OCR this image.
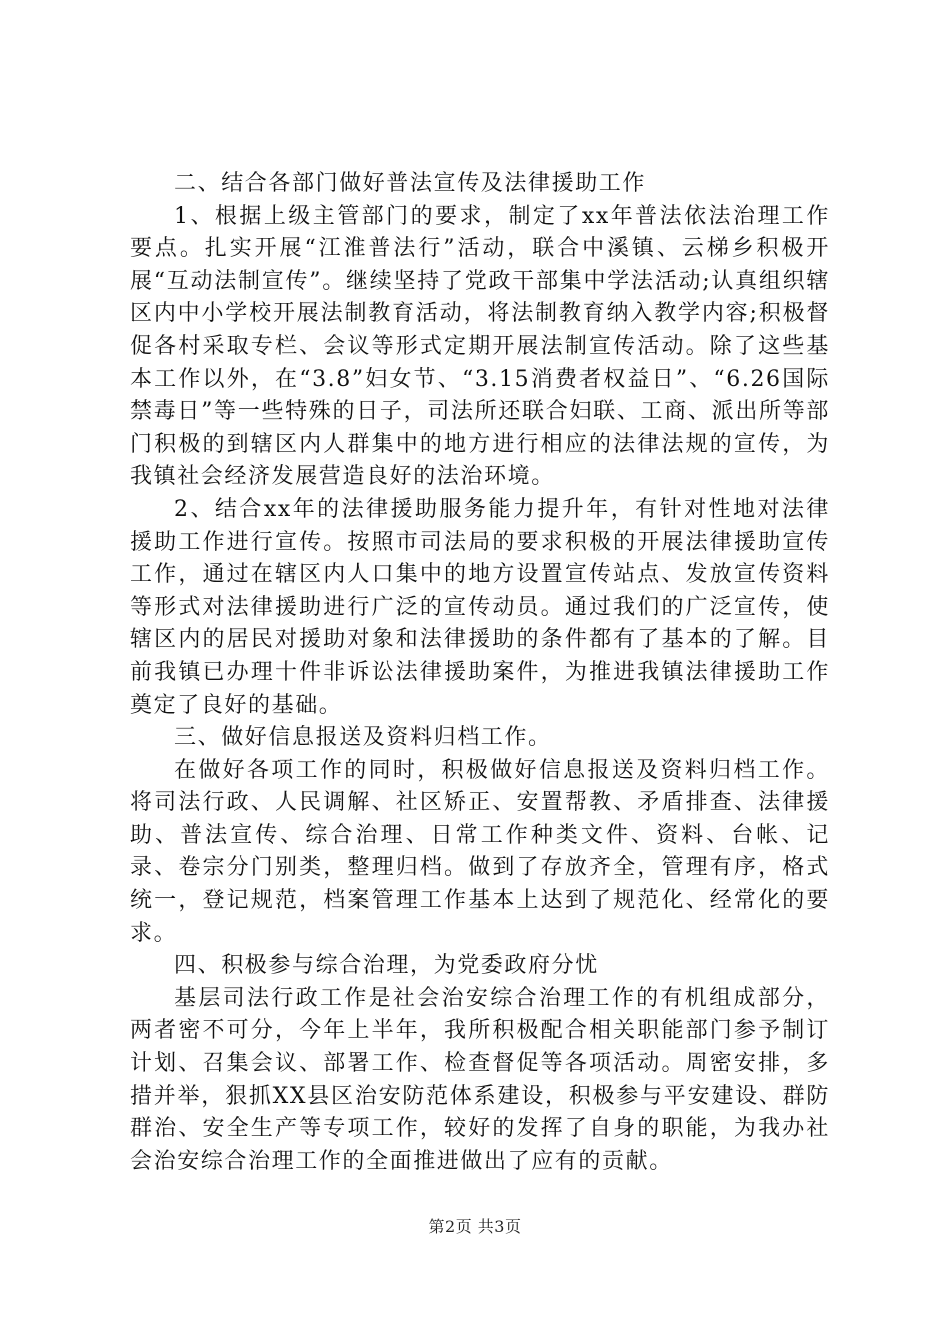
二、结合各部门做好普法宣传及法律援助工作

1、根据上级主管部门的要求，制定了xx年普法依法治理工作要点。扎实开展“江淮普法行”活动，联合中溪镇、云梯乡积极开展“互动法制宣传”。继续坚持了党政干部集中学法活动;认真组织辖区内中小学校开展法制教育活动，将法制教育纳入教学内容;积极督促各村采取专栏、会议等形式定期开展法制宣传活动。除了这些基本工作以外，在“3.8”妇女节、“3.15消费者权益日”、“6.26国际禁毒日”等一些特殊的日子，司法所还联合妇联、工商、派出所等部门积极的到辖区内人群集中的地方进行相应的法律法规的宣传，为我镇社会经济发展营造良好的法治环境。

2、结合xx年的法律援助服务能力提升年，有针对性地对法律援助工作进行宣传。按照市司法局的要求积极的开展法律援助宣传工作，通过在辖区内人口集中的地方设置宣传站点、发放宣传资料等形式对法律援助进行广泛的宣传动员。通过我们的广泛宣传，使辖区内的居民对援助对象和法律援助的条件都有了基本的了解。目前我镇已办理十件非诉讼法律援助案件，为推进我镇法律援助工作奠定了良好的基础。

三、做好信息报送及资料归档工作。

在做好各项工作的同时，积极做好信息报送及资料归档工作。将司法行政、人民调解、社区矫正、安置帮教、矛盾排查、法律援助、普法宣传、综合治理、日常工作种类文件、资料、台帐、记录、卷宗分门别类，整理归档。做到了存放齐全，管理有序，格式统一，登记规范，档案管理工作基本上达到了规范化、经常化的要求。

四、积极参与综合治理，为党委政府分忧

基层司法行政工作是社会治安综合治理工作的有机组成部分，两者密不可分，今年上半年，我所积极配合相关职能部门参予制订计划、召集会议、部署工作、检查督促等各项活动。周密安排，多措并举，狠抓XX县区治安防范体系建设，积极参与平安建设、群防群治、安全生产等专项工作，较好的发挥了自身的职能，为我办社会治安综合治理工作的全面推进做出了应有的贡献。

第2页 共3页
